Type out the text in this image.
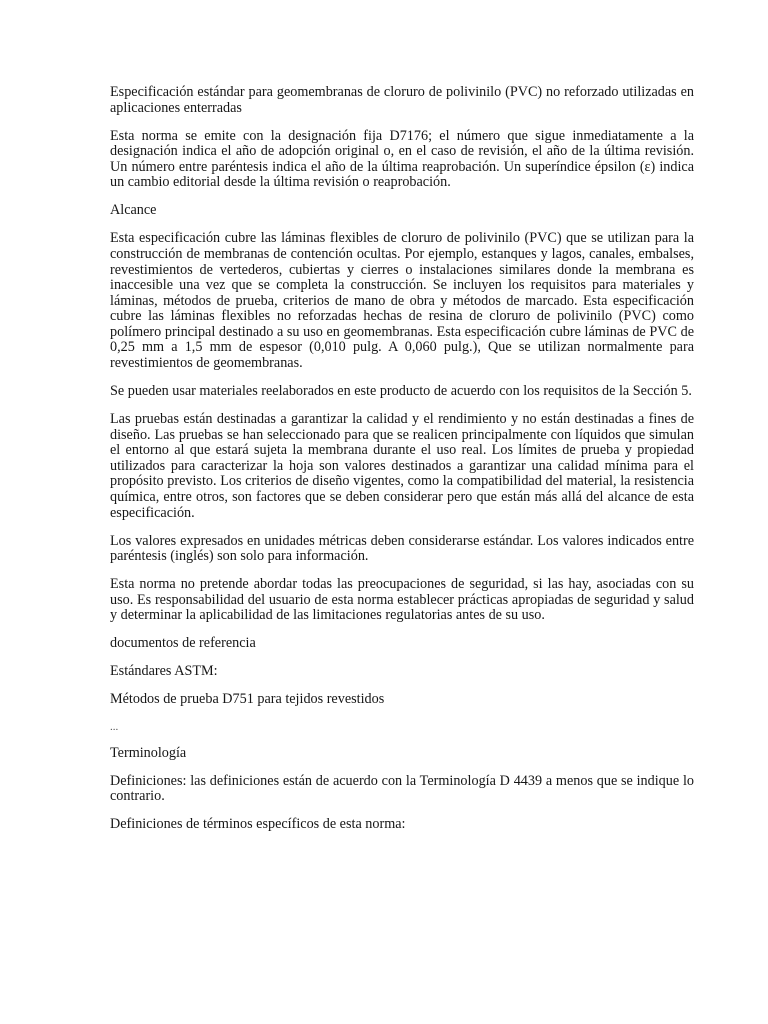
Especificación estándar para geomembranas de cloruro de polivinilo (PVC) no reforzado utilizadas en aplicaciones enterradas

Esta norma se emite con la designación fija D7176; el número que sigue inmediatamente a la designación indica el año de adopción original o, en el caso de revisión, el año de la última revisión. Un número entre paréntesis indica el año de la última reaprobación. Un superíndice épsilon (ε) indica un cambio editorial desde la última revisión o reaprobación.

Alcance

Esta especificación cubre las láminas flexibles de cloruro de polivinilo (PVC) que se utilizan para la construcción de membranas de contención ocultas. Por ejemplo, estanques y lagos, canales, embalses, revestimientos de vertederos, cubiertas y cierres o instalaciones similares donde la membrana es inaccesible una vez que se completa la construcción. Se incluyen los requisitos para materiales y láminas, métodos de prueba, criterios de mano de obra y métodos de marcado. Esta especificación cubre las láminas flexibles no reforzadas hechas de resina de cloruro de polivinilo (PVC) como polímero principal destinado a su uso en geomembranas. Esta especificación cubre láminas de PVC de 0,25 mm a 1,5 mm de espesor (0,010 pulg. A 0,060 pulg.), Que se utilizan normalmente para revestimientos de geomembranas.

Se pueden usar materiales reelaborados en este producto de acuerdo con los requisitos de la Sección 5.

Las pruebas están destinadas a garantizar la calidad y el rendimiento y no están destinadas a fines de diseño. Las pruebas se han seleccionado para que se realicen principalmente con líquidos que simulan el entorno al que estará sujeta la membrana durante el uso real. Los límites de prueba y propiedad utilizados para caracterizar la hoja son valores destinados a garantizar una calidad mínima para el propósito previsto. Los criterios de diseño vigentes, como la compatibilidad del material, la resistencia química, entre otros, son factores que se deben considerar pero que están más allá del alcance de esta especificación.

Los valores expresados en unidades métricas deben considerarse estándar. Los valores indicados entre paréntesis (inglés) son solo para información.

Esta norma no pretende abordar todas las preocupaciones de seguridad, si las hay, asociadas con su uso. Es responsabilidad del usuario de esta norma establecer prácticas apropiadas de seguridad y salud y determinar la aplicabilidad de las limitaciones regulatorias antes de su uso.

documentos de referencia

Estándares ASTM:

Métodos de prueba D751 para tejidos revestidos

...

Terminología

Definiciones: las definiciones están de acuerdo con la Terminología D 4439 a menos que se indique lo contrario.

Definiciones de términos específicos de esta norma:
